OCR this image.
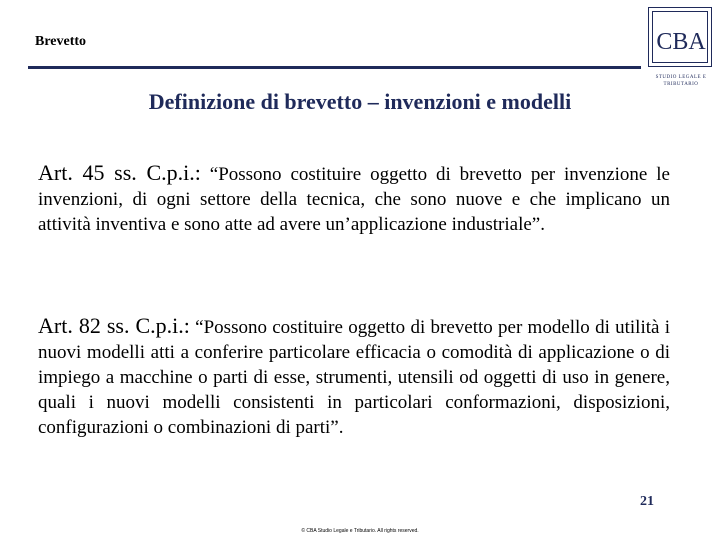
Brevetto	CBA
STUDIO LEGALE E TRIBUTARIO
Definizione di brevetto – invenzioni e modelli
Art. 45 ss. C.p.i.: “Possono costituire oggetto di brevetto per invenzione le invenzioni, di ogni settore della tecnica, che sono nuove e che implicano un attività inventiva e sono atte ad avere un’applicazione industriale”.
Art. 82 ss. C.p.i.: “Possono costituire oggetto di brevetto per modello di utilità i nuovi modelli atti a conferire particolare efficacia o comodità di applicazione o di impiego a macchine o parti di esse, strumenti, utensili od oggetti di uso in genere, quali i nuovi modelli consistenti in particolari conformazioni, disposizioni, configurazioni o combinazioni di parti”.
21
© CBA Studio Legale e Tributario. All rights reserved.
